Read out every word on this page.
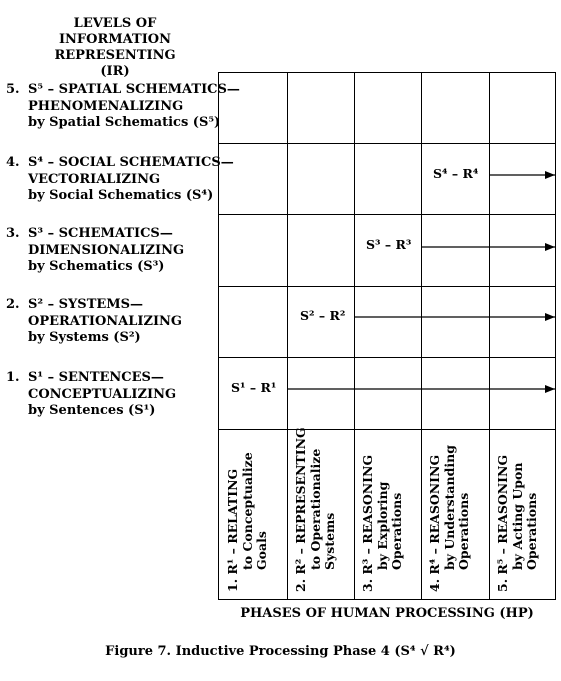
LEVELS OF
INFORMATION
REPRESENTING (IR)
5. S⁵ – SPATIAL SCHEMATICS—
PHENOMENALIZING
by Spatial Schematics (S⁵)
4. S⁴ – SOCIAL SCHEMATICS—
VECTORIALIZING
by Social Schematics (S⁴)
3. S³ – SCHEMATICS—
DIMENSIONALIZING
by Schematics (S³)
2. S² – SYSTEMS—
OPERATIONALIZING
by Systems (S²)
1. S¹ – SENTENCES—
CONCEPTUALIZING
by Sentences (S¹)
S⁴ – R⁴
S³ – R³
S² – R²
S¹ – R¹
1. R¹ – RELATING to Conceptualize Goals 2. R² – REPRESENTING to Operationalize Systems 3. R³ – REASONING by Exploring Operations 4. R⁴ – REASONING by Understanding Operations 5. R⁵ – REASONING by Acting Upon Operations
PHASES OF HUMAN PROCESSING (HP)
Figure 7. Inductive Processing Phase 4 (S⁴ √ R⁴)
